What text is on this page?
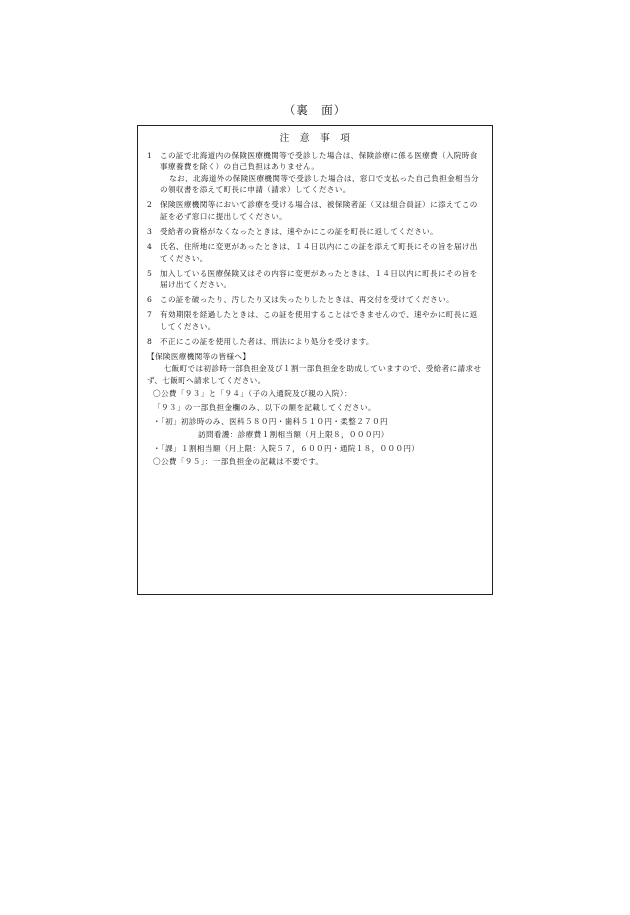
（裏　面）
注　意　事　項
1	この証で北海道内の保険医療機関等で受診した場合は、保険診療に係る医療費（入院時食事療養費を除く）の自己負担はありません。
なお、北海道外の保険医療機関等で受診した場合は、窓口で支払った自己負担金相当分の領収書を添えて町長に申請（請求）してください。
2	保険医療機関等において診療を受ける場合は、被保険者証（又は組合員証）に添えてこの証を必ず窓口に提出してください。
3	受給者の資格がなくなったときは、速やかにこの証を町長に返してください。
4	氏名、住所地に変更があったときは、１４日以内にこの証を添えて町長にその旨を届け出てください。
5	加入している医療保険又はその内容に変更があったときは、１４日以内に町長にその旨を届け出てください。
6	この証を破ったり、汚したり又は失ったりしたときは、再交付を受けてください。
7	有効期限を経過したときは、この証を使用することはできませんので、速やかに町長に返してください。
8	不正にこの証を使用した者は、刑法により処分を受けます。
【保険医療機関等の皆様へ】
七飯町では初診時一部負担金及び１割一部負担金を助成していますので、受給者に請求せず、七飯町へ請求してください。
〇公費「９３」と「９４」（子の入通院及び親の入院）：
「９３」の一部負担金欄のみ、以下の額を記載してください。
・「初」初診時のみ、医科５８０円・歯科５１０円・柔整２７０円
訪問看護：診療費１割相当額（月上限８，０００円）
・「課」１割相当額（月上限：入院５７，６００円・通院１８，０００円）
〇公費「９５」：一部負担金の記載は不要です。
